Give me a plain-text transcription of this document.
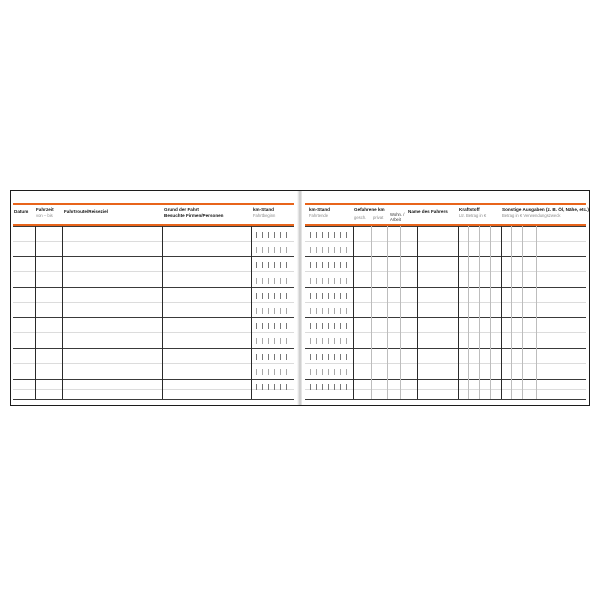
Datum Fahrzeit
von – bis
Fahrtroute/Reiseziel	Grund der Fahrt
Besuchte Firmen/Personen
km-Stand
Fahrtbeginn
km-Stand
Fahrtende
Gefahrene km
gesch. privat
Wohn. /
Arbeit
Name des Fahrers Kraftstoff
Ltr. Betrag in €
Sonstige Ausgaben (z. B. Öl, Nähe, etc.)
Betrag in € Verwendungszweck
